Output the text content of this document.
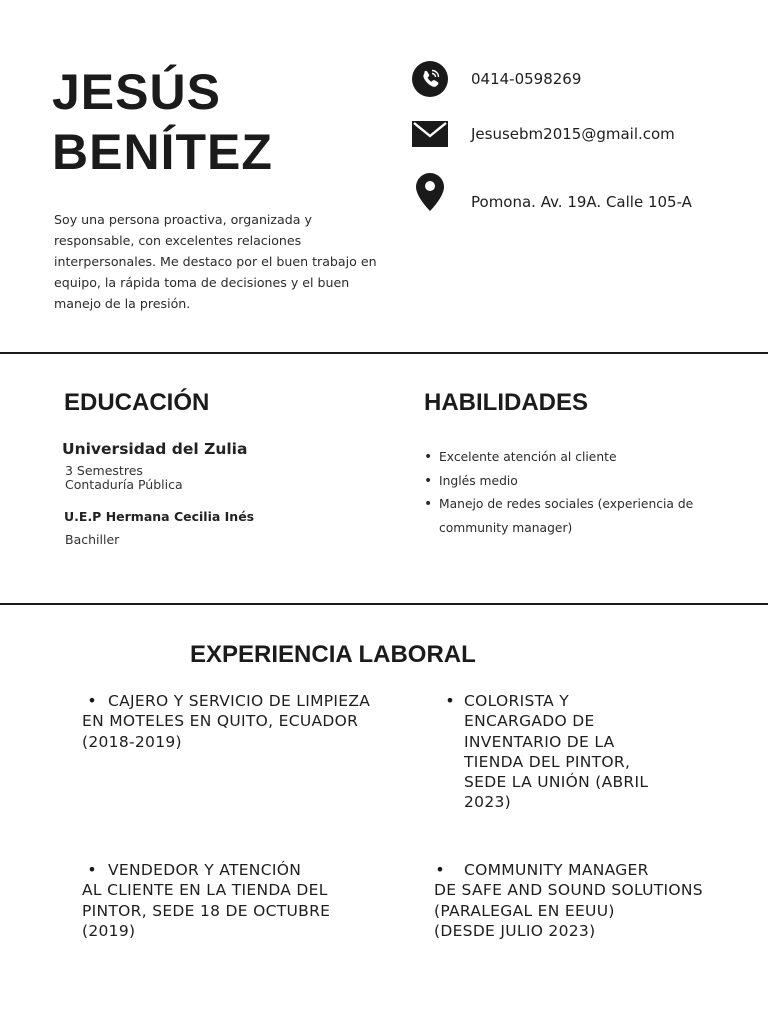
JESÚS
BENÍTEZ
Soy una persona proactiva, organizada y responsable, con excelentes relaciones interpersonales. Me destaco por el buen trabajo en equipo, la rápida toma de decisiones y el buen manejo de la presión.
0414-0598269
Jesusebm2015@gmail.com
Pomona. Av. 19A. Calle 105-A
EDUCACIÓN
Universidad del Zulia
3 Semestres
Contaduría Pública
U.E.P Hermana Cecilia Inés
Bachiller
HABILIDADES
• Excelente atención al cliente
• Inglés medio
• Manejo de redes sociales (experiencia de community manager)
EXPERIENCIA LABORAL
• CAJERO Y SERVICIO DE LIMPIEZA
EN MOTELES EN QUITO, ECUADOR
(2018-2019)
• COLORISTA Y
ENCARGADO DE
INVENTARIO DE LA
TIENDA DEL PINTOR,
SEDE LA UNIÓN (ABRIL
2023)
• VENDEDOR Y ATENCIÓN
AL CLIENTE EN LA TIENDA DEL
PINTOR, SEDE 18 DE OCTUBRE
(2019)
•	COMMUNITY MANAGER
DE SAFE AND SOUND SOLUTIONS
(PARALEGAL EN EEUU)
(DESDE JULIO 2023)
